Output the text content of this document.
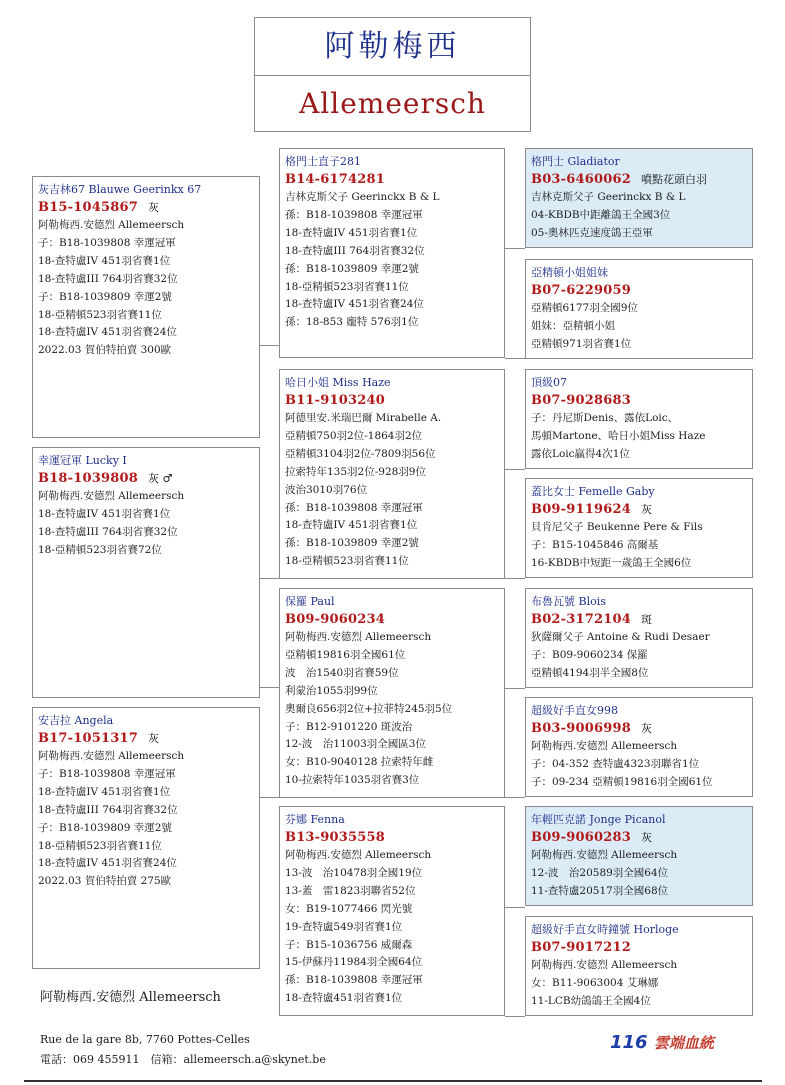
阿勒梅西
Allemeersch
灰吉林67 Blauwe Geerinkx 67
B15-1045867 灰
阿勒梅西.安德烈 Allemeersch
子：B18-1039808 幸運冠軍
18-查特盧IV 451羽省賽1位
18-查特盧III 764羽省賽32位
子：B18-1039809 幸運2號
18-亞精頓523羽省賽11位
18-查特盧IV 451羽省賽24位
2022.03 賀伯特拍賣 300歐
幸運冠軍 Lucky I
B18-1039808 灰 ♂
阿勒梅西.安德烈 Allemeersch
18-查特盧IV 451羽省賽1位
18-查特盧III 764羽省賽32位
18-亞精頓523羽省賽72位
安吉拉 Angela
B17-1051317 灰
阿勒梅西.安德烈 Allemeersch
子：B18-1039808 幸運冠軍
18-查特盧IV 451羽省賽1位
18-查特盧III 764羽省賽32位
子：B18-1039809 幸運2號
18-亞精頓523羽省賽11位
18-查特盧IV 451羽省賽24位
2022.03 賀伯特拍賣 275歐
格門士直子281
B14-6174281
吉林克斯父子 Geerinckx B & L
孫：B18-1039808 幸運冠軍
18-查特盧IV 451羽省賽1位
18-查特盧III 764羽省賽32位
孫：B18-1039809 幸運2號
18-亞精頓523羽省賽11位
18-查特盧IV 451羽省賽24位
孫：18-853 龐特 576羽1位
哈日小姐 Miss Haze
B11-9103240
阿德里安.米瑞巴爾 Mirabelle A.
亞精頓750羽2位-1864羽2位
亞精頓3104羽2位-7809羽56位
拉索特年135羽2位-928羽9位
波治3010羽76位
孫：B18-1039808 幸運冠軍
18-查特盧IV 451羽省賽1位
孫：B18-1039809 幸運2號
18-亞精頓523羽省賽11位
保羅 Paul
B09-9060234
阿勒梅西.安德烈 Allemeersch
亞精頓19816羽全國61位
波　治1540羽省賽59位
利蒙治1055羽99位
奧爾良656羽2位+拉菲特245羽5位
子：B12-9101220 斑波治
12-波　治11003羽全國區3位
女：B10-9040128 拉索特年雌
10-拉索特年1035羽省賽3位
芬娜 Fenna
B13-9035558
阿勒梅西.安德烈 Allemeersch
13-波　治10478羽全國19位
13-蓋　雷1823羽聯省52位
女：B19-1077466 閃光號
19-查特盧549羽省賽1位
子：B15-1036756 威爾森
15-伊蘇丹11984羽全國64位
孫：B18-1039808 幸運冠軍
18-查特盧451羽省賽1位
格門士 Gladiator
B03-6460062 噴點花頭白羽
吉林克斯父子 Geerinckx B & L
04-KBDB中距離鴿王全國3位
05-奧林匹克速度鴿王亞軍
亞精頓小姐姐妹
B07-6229059
亞精頓6177羽全國9位
姐妹：亞精頓小姐
亞精頓971羽省賽1位
頂級07
B07-9028683
子：丹尼斯Denis、露依Loic、
馬頓Martone、哈日小姐Miss Haze
露依Loic贏得4次1位
蓋比女士 Femelle Gaby
B09-9119624 灰
貝肯尼父子 Beukenne Pere & Fils
子：B15-1045846 高爾基
16-KBDB中短距一歲鴿王全國6位
布魯瓦號 Blois
B02-3172104 斑
狄薩爾父子 Antoine & Rudi Desaer
子：B09-9060234 保羅
亞精頓4194羽半全國8位
超級好手直女998
B03-9006998 灰
阿勒梅西.安德烈 Allemeersch
子：04-352 查特盧4323羽聯省1位
子：09-234 亞精頓19816羽全國61位
年輕匹克諾 Jonge Picanol
B09-9060283 灰
阿勒梅西.安德烈 Allemeersch
12-波　治20589羽全國64位
11-查特盧20517羽全國68位
超級好手直女時鐘號 Horloge
B07-9017212
阿勒梅西.安德烈 Allemeersch
女：B11-9063004 艾琳娜
11-LCB幼鴿鴿王全國4位
阿勒梅西.安德烈 Allemeersch
Rue de la gare 8b, 7760 Pottes-Celles
電話：069 455911　信箱：allemeersch.a@skynet.be
116 雲端血統
